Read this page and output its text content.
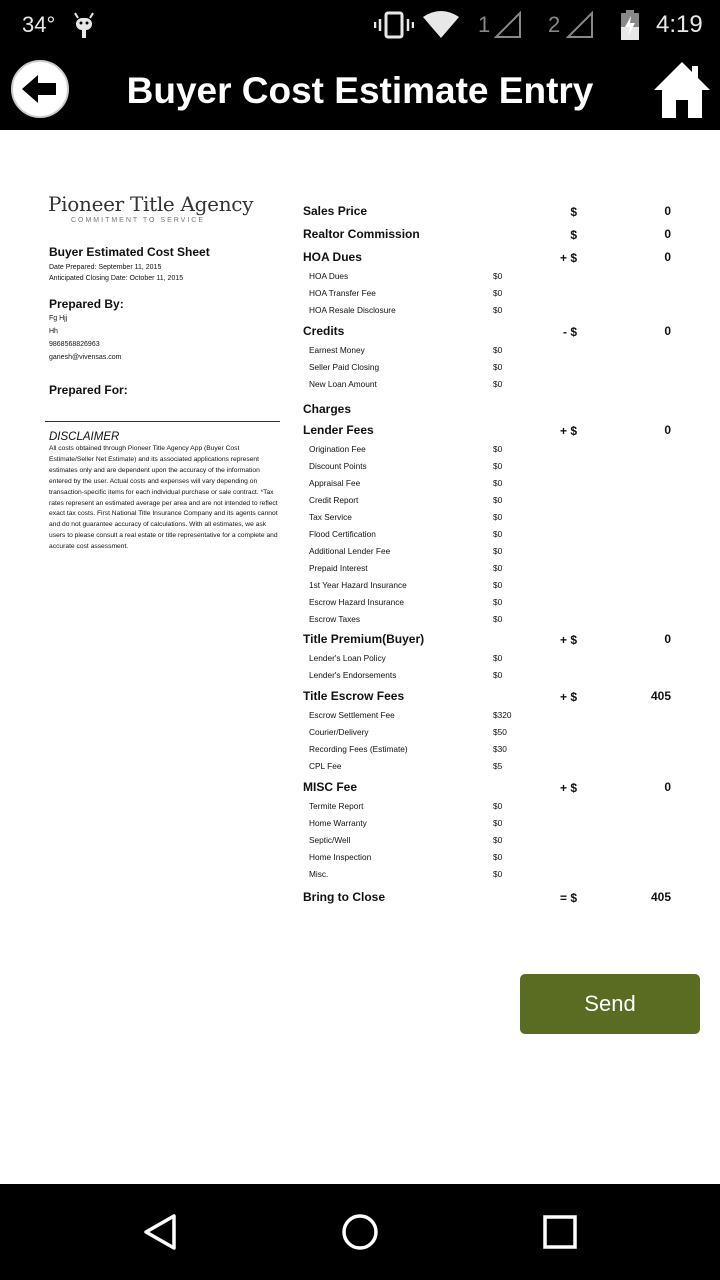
34°	1	2	4:19
Buyer Cost Estimate Entry
Pioneer Title Agency
COMMITMENT TO SERVICE
Buyer Estimated Cost Sheet
Date Prepared: September 11, 2015
Anticipated Closing Date: October 11, 2015
Prepared By:
Fg Hjj
Hh
9868568826963
ganesh@vivensas.com
Prepared For:
DISCLAIMER
All costs obtained through Pioneer Title Agency App (Buyer Cost Estimate/Seller Net Estimate) and its associated applications represent estimates only and are dependent upon the accuracy of the information entered by the user. Actual costs and expenses will vary depending on transaction-specific items for each individual purchase or sale contract. *Tax rates represent an estimated average per area and are not intended to reflect exact tax costs. First National Title Insurance Company and its agents cannot and do not guarantee accuracy of calculations. With all estimates, we ask users to please consult a real estate or title representative for a complete and accurate cost assessment.
Sales Price	$	0
Realtor Commission	$	0
HOA Dues	+ $	0
HOA Dues	$0
HOA Transfer Fee	$0
HOA Resale Disclosure	$0
Credits	- $	0
Earnest Money	$0
Seller Paid Closing	$0
New Loan Amount	$0
Charges
Lender Fees	+ $	0
Origination Fee	$0
Discount Points	$0
Appraisal Fee	$0
Credit Report	$0
Tax Service	$0
Flood Certification	$0
Additional Lender Fee	$0
Prepaid Interest	$0
1st Year Hazard Insurance	$0
Escrow Hazard Insurance	$0
Escrow Taxes	$0
Title Premium(Buyer)	+ $	0
Lender's Loan Policy	$0
Lender's Endorsements	$0
Title Escrow Fees	+ $	405
Escrow Settlement Fee	$320
Courier/Delivery	$50
Recording Fees (Estimate)	$30
CPL Fee	$5
MISC Fee	+ $	0
Termite Report	$0
Home Warranty	$0
Septic/Well	$0
Home Inspection	$0
Misc.	$0
Bring to Close	= $	405
Send
